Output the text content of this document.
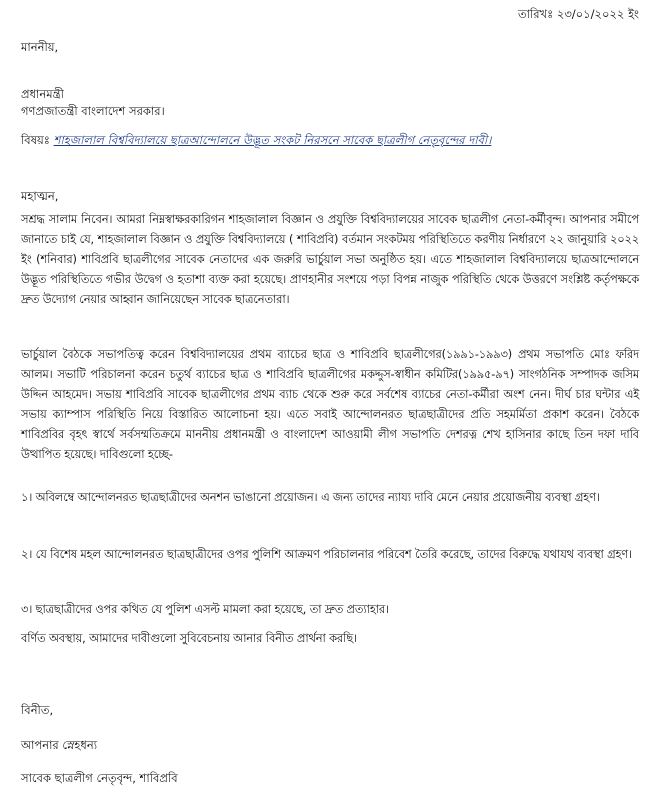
তারিখঃ ২৩/০১/২০২২ ইং
মাননীয়,
প্রধানমন্ত্রী
গণপ্রজাতন্ত্রী বাংলাদেশ সরকার।
বিষয়ঃ শাহজালাল বিশ্ববিদ্যালয়ে ছাত্রআন্দোলনে উদ্ভূত সংকট নিরসনে সাবেক ছাত্রলীগ নেতৃবৃন্দের দাবী।
মহাত্মন,
সশ্রদ্ধ সালাম নিবেন। আমরা নিম্নস্বাক্ষরকারিগন শাহজালাল বিজ্ঞান ও প্রযুক্তি বিশ্ববিদ্যালয়ের সাবেক ছাত্রলীগ নেতা-কর্মীবৃন্দ। আপনার সমীপে জানাতে চাই যে, শাহজালাল বিজ্ঞান ও প্রযুক্তি বিশ্ববিদ্যালয়ে ( শাবিপ্রবি) বর্তমান সংকটময় পরিস্থিতিতে করণীয় নির্ধারণে ২২ জানুয়ারি ২০২২ ইং (শনিবার) শাবিপ্রবি ছাত্রলীগের সাবেক নেতাদের এক জরুরি ভার্চুয়াল সভা অনুষ্ঠিত হয়। এতে শাহজালাল বিশ্ববিদ্যালয়ে ছাত্রআন্দোলনে উদ্ভূত পরিস্থিতিতে গভীর উদ্বেগ ও হতাশা ব্যক্ত করা হয়েছে। প্রাণহানীর সংশয়ে পড়া বিপন্ন নাজুক পরিস্থিতি থেকে উত্তরণে সংশ্লিষ্ট কর্তৃপক্ষকে দ্রুত উদ্যোগ নেয়ার আহ্বান জানিয়েছেন সাবেক ছাত্রনেতারা।
ভার্চুয়াল বৈঠকে সভাপতিত্ব করেন বিশ্ববিদ্যালয়ের প্রথম ব্যাচের ছাত্র ও শাবিপ্রবি ছাত্রলীগের(১৯৯১-১৯৯৩) প্রথম সভাপতি মোঃ ফরিদ আলম। সভাটি পরিচালনা করেন চতুর্থ ব্যাচের ছাত্র ও শাবিপ্রবি ছাত্রলীগের মকদ্দুস-স্বাধীন কমিটির(১৯৯৫-৯৭) সাংগঠনিক সম্পাদক জসিম উদ্দিন আহমেদ। সভায় শাবিপ্রবি সাবেক ছাত্রলীগের প্রথম ব্যাচ থেকে শুরু করে সর্বশেষ ব্যাচের নেতা-কর্মীরা অংশ নেন। দীর্ঘ চার ঘন্টার এই সভায় ক্যাম্পাস পরিস্থিতি নিয়ে বিস্তারিত আলোচনা হয়। এতে সবাই আন্দোলনরত ছাত্রছাত্রীদের প্রতি সহমর্মিতা প্রকাশ করেন। বৈঠকে শাবিপ্রবির বৃহৎ স্বার্থে সর্বসম্মতিক্রমে মাননীয় প্রধানমন্ত্রী ও বাংলাদেশ আওয়ামী লীগ সভাপতি দেশরত্ন শেখ হাসিনার কাছে তিন দফা দাবি উত্থাপিত হয়েছে। দাবিগুলো হচ্ছে-
১। অবিলম্বে আন্দোলনরত ছাত্রছাত্রীদের অনশন ভাঙানো প্রয়োজন। এ জন্য তাদের ন্যায্য দাবি মেনে নেয়ার প্রয়োজনীয় ব্যবস্থা গ্রহণ।
২। যে বিশেষ মহল আন্দোলনরত ছাত্রছাত্রীদের ওপর পুলিশি আক্রমণ পরিচালনার পরিবেশ তৈরি করেছে, তাদের বিরুদ্ধে যথাযথ ব্যবস্থা গ্রহণ।
৩। ছাত্রছাত্রীদের ওপর কথিত যে পুলিশ এসল্ট মামলা করা হয়েছে, তা দ্রুত প্রত্যাহার।
বর্ণিত অবস্থায়, আমাদের দাবীগুলো সুবিবেচনায় আনার বিনীত প্রার্থনা করছি।
বিনীত,
আপনার স্নেহধন্য
সাবেক ছাত্রলীগ নেতৃবৃন্দ, শাবিপ্রবি
